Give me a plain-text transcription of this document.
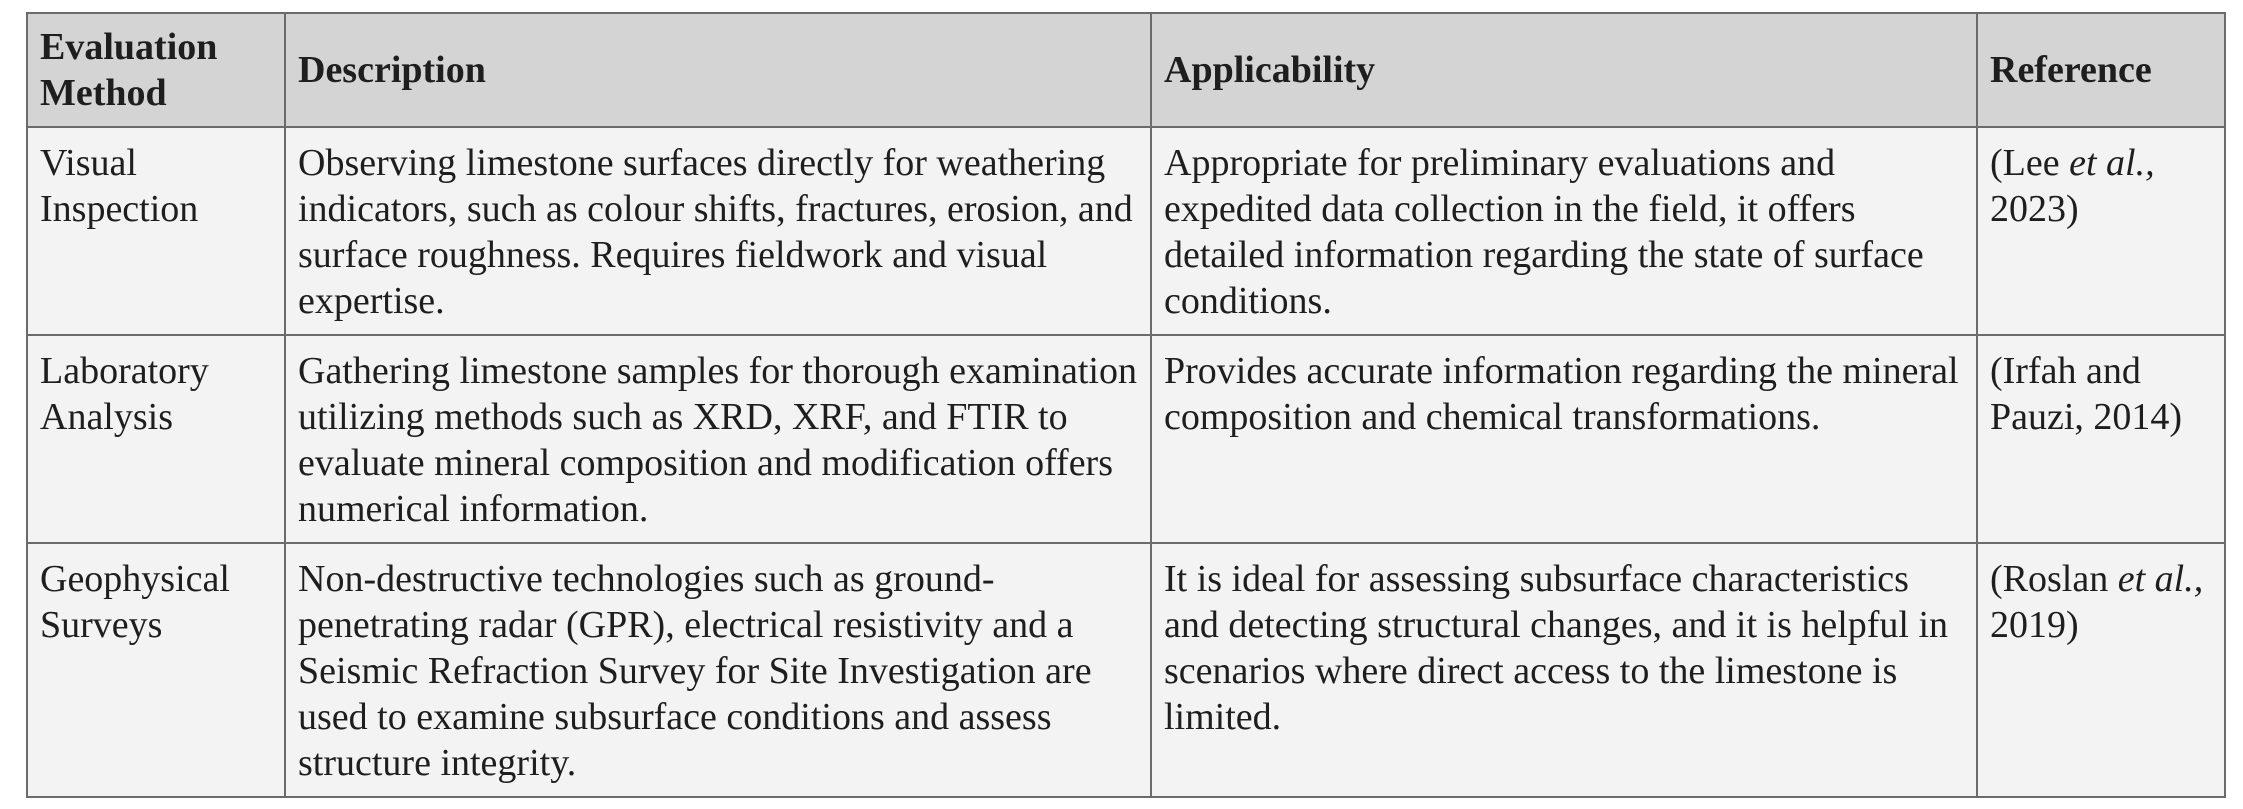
Evaluation Method	Description	Applicability	Reference
Visual Inspection	Observing limestone surfaces directly for weathering indicators, such as colour shifts, fractures, erosion, and surface roughness. Requires fieldwork and visual expertise.	Appropriate for preliminary evaluations and expedited data collection in the field, it offers detailed information regarding the state of surface conditions.	(Lee et al., 2023)
Laboratory Analysis	Gathering limestone samples for thorough examination utilizing methods such as XRD, XRF, and FTIR to evaluate mineral composition and modification offers numerical information.	Provides accurate information regarding the mineral composition and chemical transformations.	(Irfah and Pauzi, 2014)
Geophysical Surveys	Non-destructive technologies such as ground-penetrating radar (GPR), electrical resistivity and a Seismic Refraction Survey for Site Investigation are used to examine subsurface conditions and assess structure integrity.	It is ideal for assessing subsurface characteristics and detecting structural changes, and it is helpful in scenarios where direct access to the limestone is limited.	(Roslan et al., 2019)
